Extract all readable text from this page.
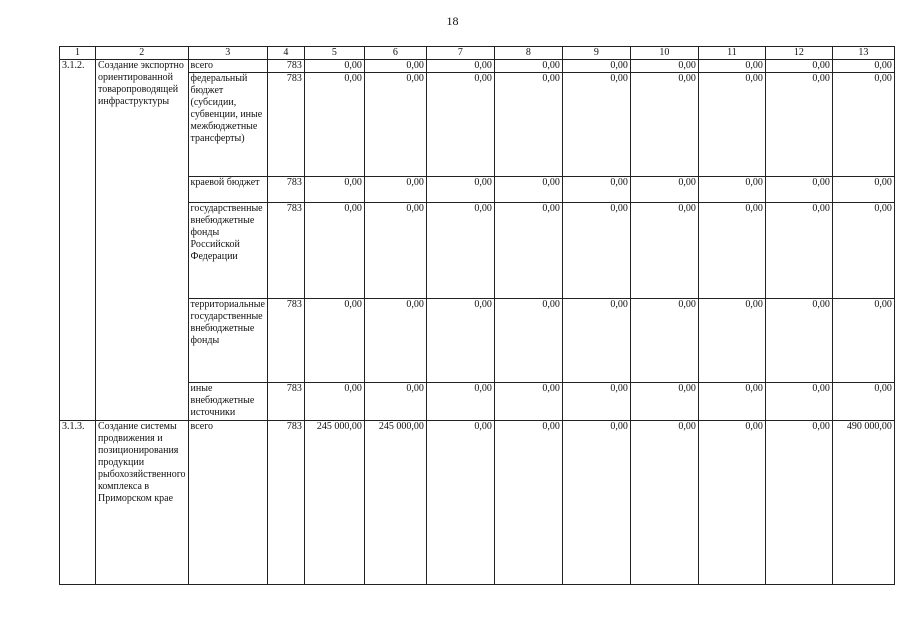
18
1	2	3	4	5	6	7	8	9	10	11	12	13
3.1.2.	Создание экспортно ориентированной товаропроводящей инфраструктуры	всего	783	0,00	0,00	0,00	0,00	0,00	0,00	0,00	0,00	0,00
		федеральный бюджет (субсидии, субвенции, иные межбюджетные трансферты)	783	0,00	0,00	0,00	0,00	0,00	0,00	0,00	0,00	0,00
		краевой бюджет	783	0,00	0,00	0,00	0,00	0,00	0,00	0,00	0,00	0,00
		государственные внебюджетные фонды Российской Федерации	783	0,00	0,00	0,00	0,00	0,00	0,00	0,00	0,00	0,00
		территориальные государственные внебюджетные фонды	783	0,00	0,00	0,00	0,00	0,00	0,00	0,00	0,00	0,00
		иные внебюджетные источники	783	0,00	0,00	0,00	0,00	0,00	0,00	0,00	0,00	0,00
3.1.3.	Создание системы продвижения и позиционирования продукции рыбохозяйственного комплекса в Приморском крае	всего	783	245 000,00	245 000,00	0,00	0,00	0,00	0,00	0,00	0,00	490 000,00
